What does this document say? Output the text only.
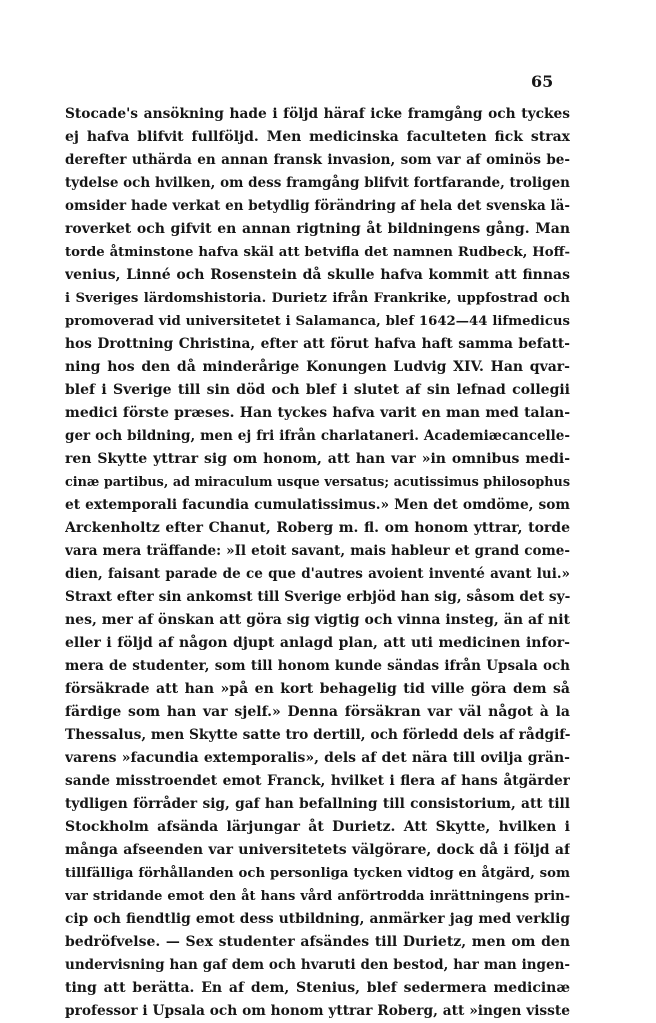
65
Stocade's ansökning hade i följd häraf icke framgång och tyckes
ej hafva blifvit fullföljd. Men medicinska faculteten fick strax
derefter uthärda en annan fransk invasion, som var af ominös be-
tydelse och hvilken, om dess framgång blifvit fortfarande, troligen
omsider hade verkat en betydlig förändring af hela det svenska lä-
roverket och gifvit en annan rigtning åt bildningens gång. Man
torde åtminstone hafva skäl att betvifla det namnen Rudbeck, Hoff-
venius, Linné och Rosenstein då skulle hafva kommit att finnas
i Sveriges lärdomshistoria. Durietz ifrån Frankrike, uppfostrad och
promoverad vid universitetet i Salamanca, blef 1642—44 lifmedicus
hos Drottning Christina, efter att förut hafva haft samma befatt-
ning hos den då minderårige Konungen Ludvig XIV. Han qvar-
blef i Sverige till sin död och blef i slutet af sin lefnad collegii
medici förste præses. Han tyckes hafva varit en man med talan-
ger och bildning, men ej fri ifrån charlataneri. Academiæcancelle-
ren Skytte yttrar sig om honom, att han var »in omnibus medi-
cinæ partibus, ad miraculum usque versatus; acutissimus philosophus
et extemporali facundia cumulatissimus.» Men det omdöme, som
Arckenholtz efter Chanut, Roberg m. fl. om honom yttrar, torde
vara mera träffande: »Il etoit savant, mais hableur et grand come-
dien, faisant parade de ce que d'autres avoient inventé avant lui.»
Straxt efter sin ankomst till Sverige erbjöd han sig, såsom det sy-
nes, mer af önskan att göra sig vigtig och vinna insteg, än af nit
eller i följd af någon djupt anlagd plan, att uti medicinen infor-
mera de studenter, som till honom kunde sändas ifrån Upsala och
försäkrade att han »på en kort behagelig tid ville göra dem så
färdige som han var sjelf.» Denna försäkran var väl något à la
Thessalus, men Skytte satte tro dertill, och förledd dels af rådgif-
varens »facundia extemporalis», dels af det nära till ovilja grän-
sande misstroendet emot Franck, hvilket i flera af hans åtgärder
tydligen förråder sig, gaf han befallning till consistorium, att till
Stockholm afsända lärjungar åt Durietz. Att Skytte, hvilken i
många afseenden var universitetets välgörare, dock då i följd af
tillfälliga förhållanden och personliga tycken vidtog en åtgärd, som
var stridande emot den åt hans vård anförtrodda inrättningens prin-
cip och fiendtlig emot dess utbildning, anmärker jag med verklig
bedröfvelse. — Sex studenter afsändes till Durietz, men om den
undervisning han gaf dem och hvaruti den bestod, har man ingen-
ting att berätta. En af dem, Stenius, blef sedermera medicinæ
professor i Upsala och om honom yttrar Roberg, att »ingen visste
